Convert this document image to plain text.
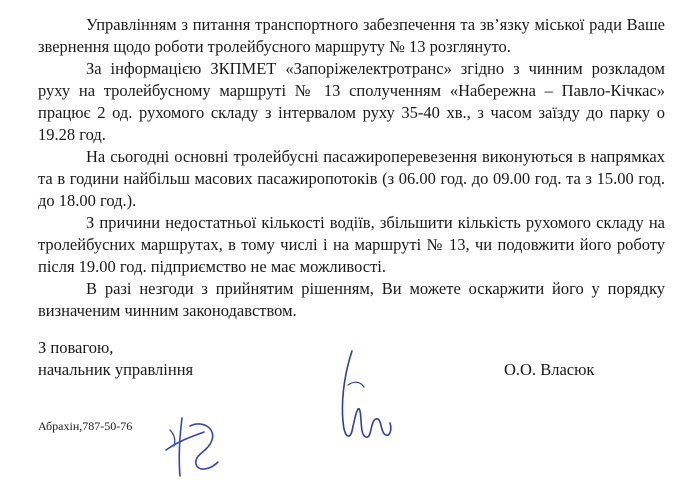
Управлінням з питання транспортного забезпечення та зв’язку міської ради Ваше звернення щодо роботи тролейбусного маршруту № 13 розглянуто.

За інформацією ЗКПМЕТ «Запоріжелектротранс» згідно з чинним розкладом руху на тролейбусному маршруті № 13 сполученням «Набережна – Павло-Кічкас» працює 2 од. рухомого складу з інтервалом руху 35-40 хв., з часом заїзду до парку о 19.28 год.

На сьогодні основні тролейбусні пасажироперевезення виконуються в напрямках та в години найбільш масових пасажиропотоків (з 06.00 год. до 09.00 год. та з 15.00 год. до 18.00 год.).

З причини недостатньої кількості водіїв, збільшити кількість рухомого складу на тролейбусних маршрутах, в тому числі і на маршруті № 13, чи подовжити його роботу після 19.00 год. підприємство не має можливості.

В разі незгоди з прийнятим рішенням, Ви можете оскаржити його у порядку визначеним чинним законодавством.

З повагою,
начальник управління	О.О. Власюк
Абрахін,787-50-76
